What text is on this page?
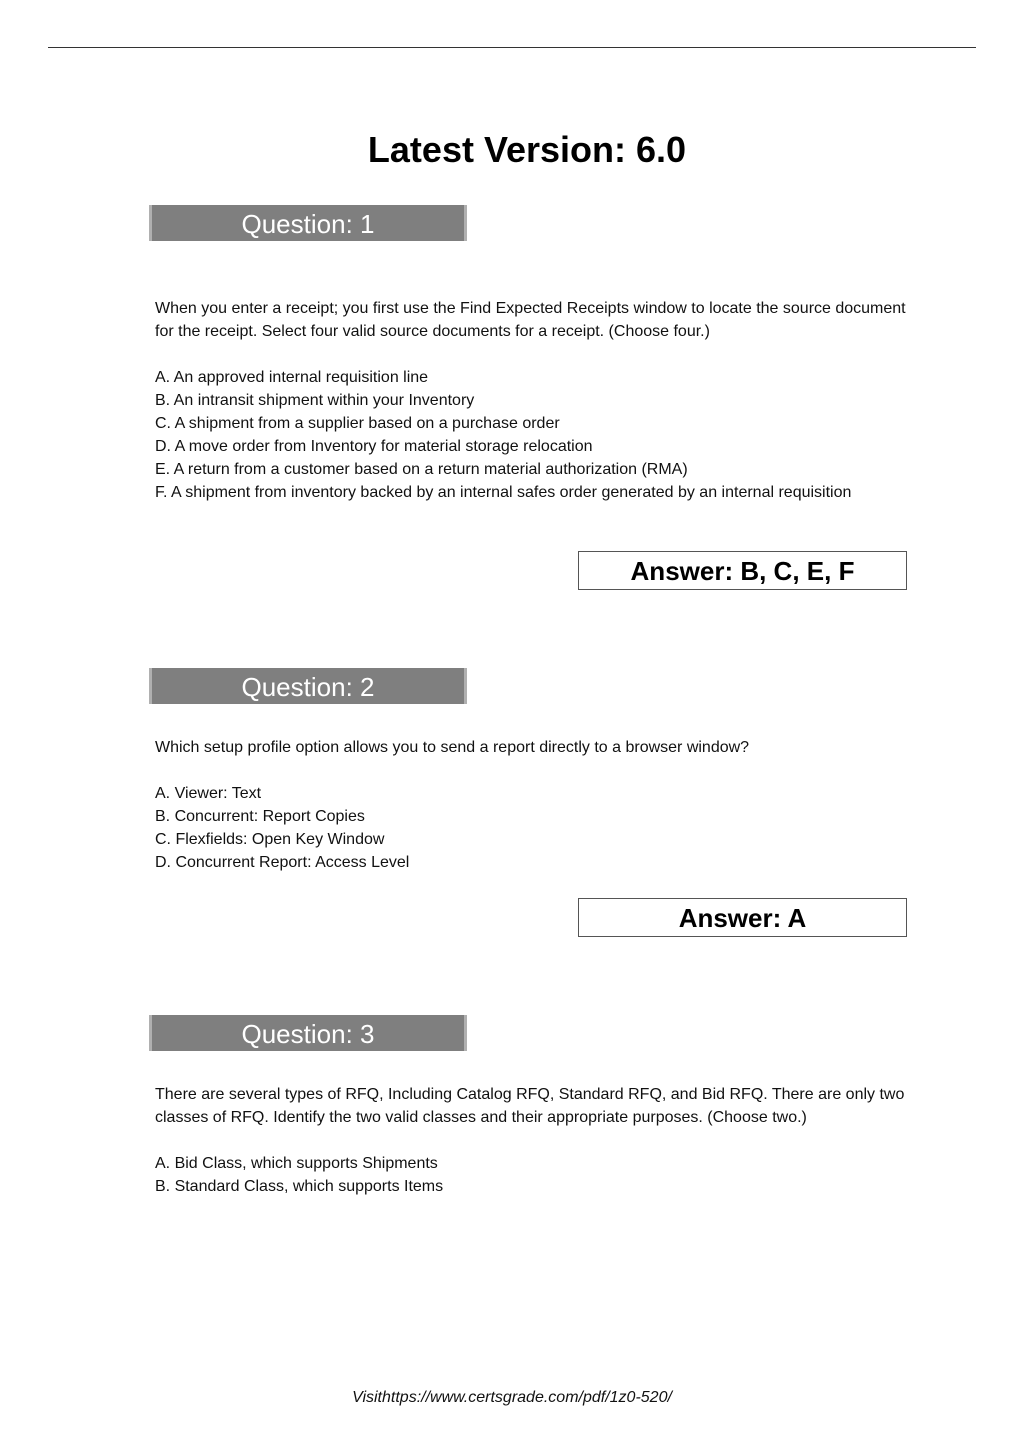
Latest Version: 6.0
Question: 1

When you enter a receipt; you first use the Find Expected Receipts window to locate the source document for the receipt. Select four valid source documents for a receipt. (Choose four.)

A. An approved internal requisition line
B. An intransit shipment within your Inventory
C. A shipment from a supplier based on a purchase order
D. A move order from Inventory for material storage relocation
E. A return from a customer based on a return material authorization (RMA)
F. A shipment from inventory backed by an internal safes order generated by an internal requisition
Answer: B, C, E, F
Question: 2

Which setup profile option allows you to send a report directly to a browser window?

A. Viewer: Text
B. Concurrent: Report Copies
C. Flexfields: Open Key Window
D. Concurrent Report: Access Level
Answer: A
Question: 3

There are several types of RFQ, Including Catalog RFQ, Standard RFQ, and Bid RFQ. There are only two classes of RFQ. Identify the two valid classes and their appropriate purposes. (Choose two.)

A. Bid Class, which supports Shipments
B. Standard Class, which supports Items
Visithttps://www.certsgrade.com/pdf/1z0-520/
